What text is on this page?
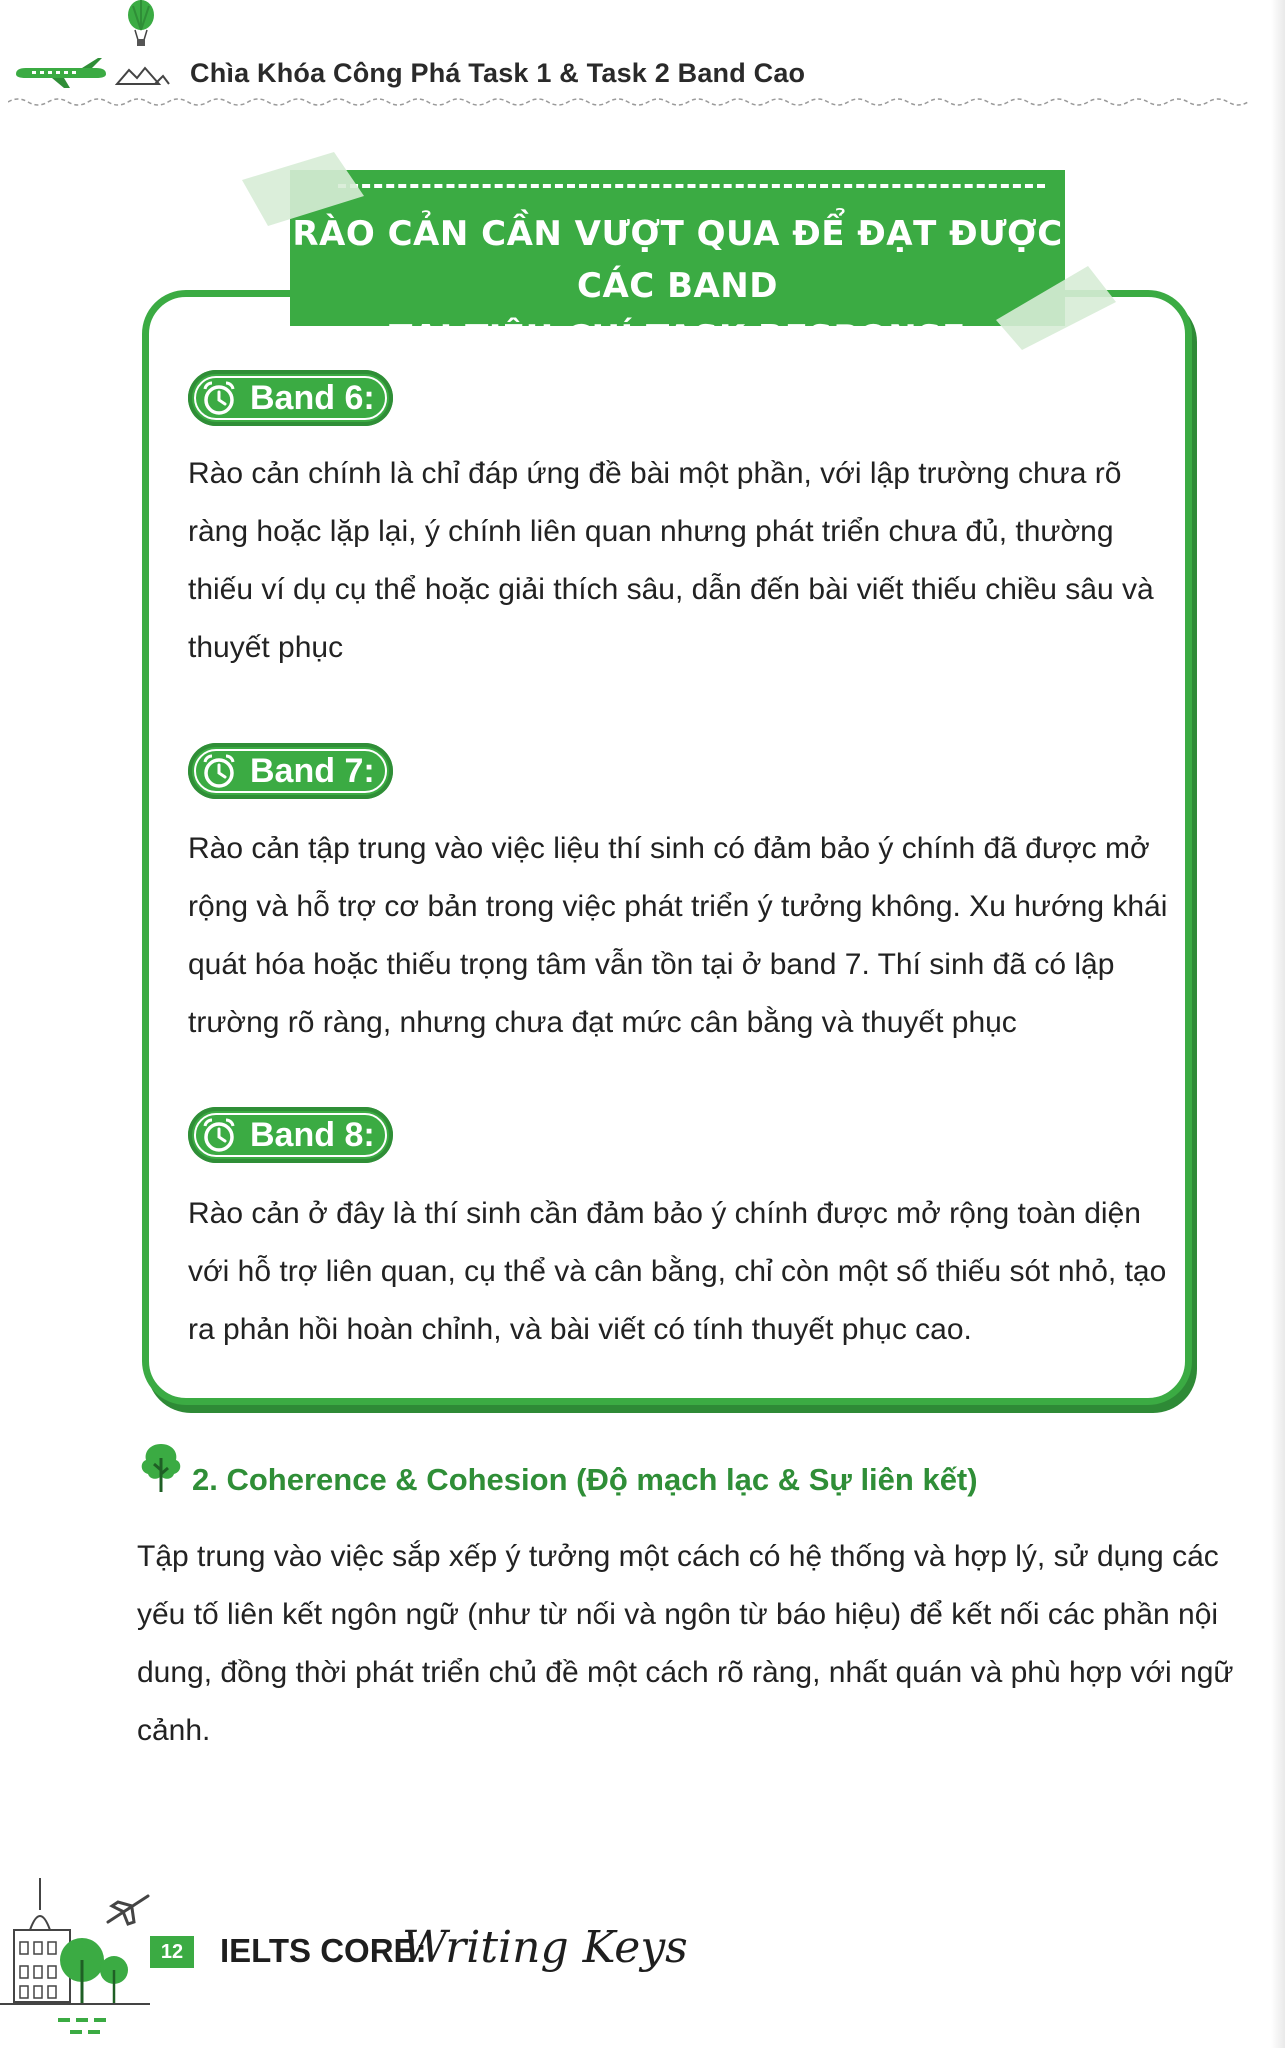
Chìa Khóa Công Phá Task 1 & Task 2 Band Cao
RÀO CẢN CẦN VƯỢT QUA ĐỂ ĐẠT ĐƯỢC CÁC BAND
TẠI TIÊU CHÍ TASK RESPONSE
Band 6:
Rào cản chính là chỉ đáp ứng đề bài một phần, với lập trường chưa rõ ràng hoặc lặp lại, ý chính liên quan nhưng phát triển chưa đủ, thường thiếu ví dụ cụ thể hoặc giải thích sâu, dẫn đến bài viết thiếu chiều sâu và thuyết phục
Band 7:
Rào cản tập trung vào việc liệu thí sinh có đảm bảo ý chính đã được mở rộng và hỗ trợ cơ bản trong việc phát triển ý tưởng không. Xu hướng khái quát hóa hoặc thiếu trọng tâm vẫn tồn tại ở band 7. Thí sinh đã có lập trường rõ ràng, nhưng chưa đạt mức cân bằng và thuyết phục
Band 8:
Rào cản ở đây là thí sinh cần đảm bảo ý chính được mở rộng toàn diện với hỗ trợ liên quan, cụ thể và cân bằng, chỉ còn một số thiếu sót nhỏ, tạo ra phản hồi hoàn chỉnh, và bài viết có tính thuyết phục cao.
2. Coherence & Cohesion (Độ mạch lạc & Sự liên kết)
Tập trung vào việc sắp xếp ý tưởng một cách có hệ thống và hợp lý, sử dụng các yếu tố liên kết ngôn ngữ (như từ nối và ngôn từ báo hiệu) để kết nối các phần nội dung, đồng thời phát triển chủ đề một cách rõ ràng, nhất quán và phù hợp với ngữ cảnh.
12	IELTS CORE:
Writing Keys
